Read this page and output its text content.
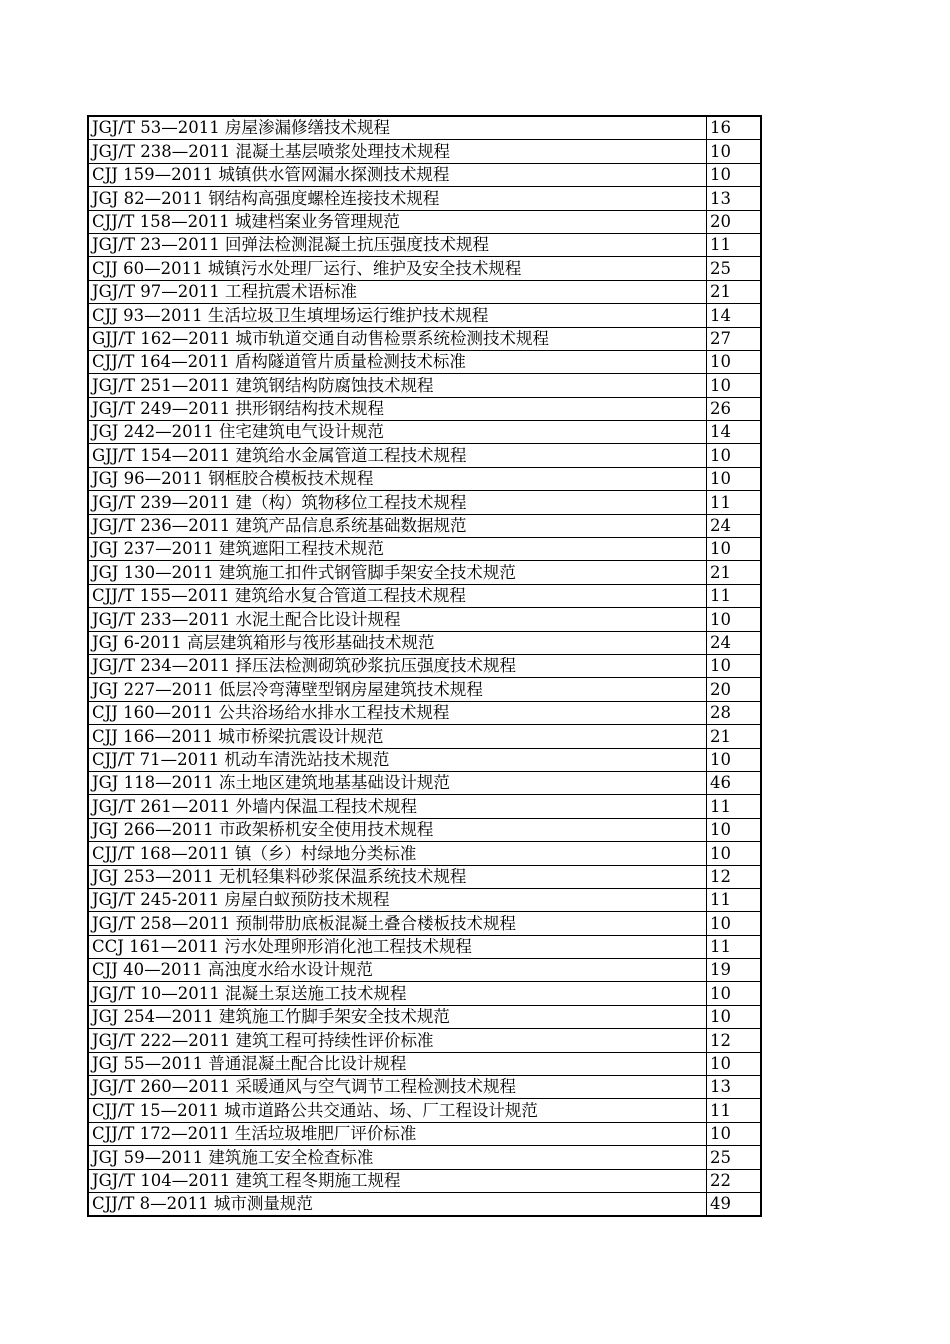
JGJ/T 53—2011 房屋渗漏修缮技术规程	16
JGJ/T 238—2011 混凝土基层喷浆处理技术规程	10
CJJ 159—2011 城镇供水管网漏水探测技术规程	10
JGJ 82—2011 钢结构高强度螺栓连接技术规程	13
CJJ/T 158—2011 城建档案业务管理规范	20
JGJ/T 23—2011 回弹法检测混凝土抗压强度技术规程	11
CJJ 60—2011 城镇污水处理厂运行、维护及安全技术规程	25
JGJ/T 97—2011 工程抗震术语标准	21
CJJ 93—2011 生活垃圾卫生填埋场运行维护技术规程	14
GJJ/T 162—2011 城市轨道交通自动售检票系统检测技术规程	27
CJJ/T 164—2011 盾构隧道管片质量检测技术标准	10
JGJ/T 251—2011 建筑钢结构防腐蚀技术规程	10
JGJ/T 249—2011 拱形钢结构技术规程	26
JGJ 242—2011 住宅建筑电气设计规范	14
GJJ/T 154—2011 建筑给水金属管道工程技术规程	10
JGJ 96—2011 钢框胶合模板技术规程	10
JGJ/T 239—2011 建（构）筑物移位工程技术规程	11
JGJ/T 236—2011 建筑产品信息系统基础数据规范	24
JGJ 237—2011 建筑遮阳工程技术规范	10
JGJ 130—2011 建筑施工扣件式钢管脚手架安全技术规范	21
CJJ/T 155—2011 建筑给水复合管道工程技术规程	11
JGJ/T 233—2011 水泥土配合比设计规程	10
JGJ 6-2011 高层建筑箱形与筏形基础技术规范	24
JGJ/T 234—2011 择压法检测砌筑砂浆抗压强度技术规程	10
JGJ 227—2011 低层冷弯薄壁型钢房屋建筑技术规程	20
CJJ 160—2011 公共浴场给水排水工程技术规程	28
CJJ 166—2011 城市桥梁抗震设计规范	21
CJJ/T 71—2011 机动车清洗站技术规范	10
JGJ 118—2011 冻土地区建筑地基基础设计规范	46
JGJ/T 261—2011 外墙内保温工程技术规程	11
JGJ 266—2011 市政架桥机安全使用技术规程	10
CJJ/T 168—2011 镇（乡）村绿地分类标准	10
JGJ 253—2011 无机轻集料砂浆保温系统技术规程	12
JGJ/T 245-2011 房屋白蚁预防技术规程	11
JGJ/T 258—2011 预制带肋底板混凝土叠合楼板技术规程	10
CCJ 161—2011 污水处理卵形消化池工程技术规程	11
CJJ 40—2011 高浊度水给水设计规范	19
JGJ/T 10—2011 混凝土泵送施工技术规程	10
JGJ 254—2011 建筑施工竹脚手架安全技术规范	10
JGJ/T 222—2011 建筑工程可持续性评价标准	12
JGJ 55—2011 普通混凝土配合比设计规程	10
JGJ/T 260—2011 采暖通风与空气调节工程检测技术规程	13
CJJ/T 15—2011 城市道路公共交通站、场、厂工程设计规范	11
CJJ/T 172—2011 生活垃圾堆肥厂评价标准	10
JGJ 59—2011 建筑施工安全检查标准	25
JGJ/T 104—2011 建筑工程冬期施工规程	22
CJJ/T 8—2011 城市测量规范	49
